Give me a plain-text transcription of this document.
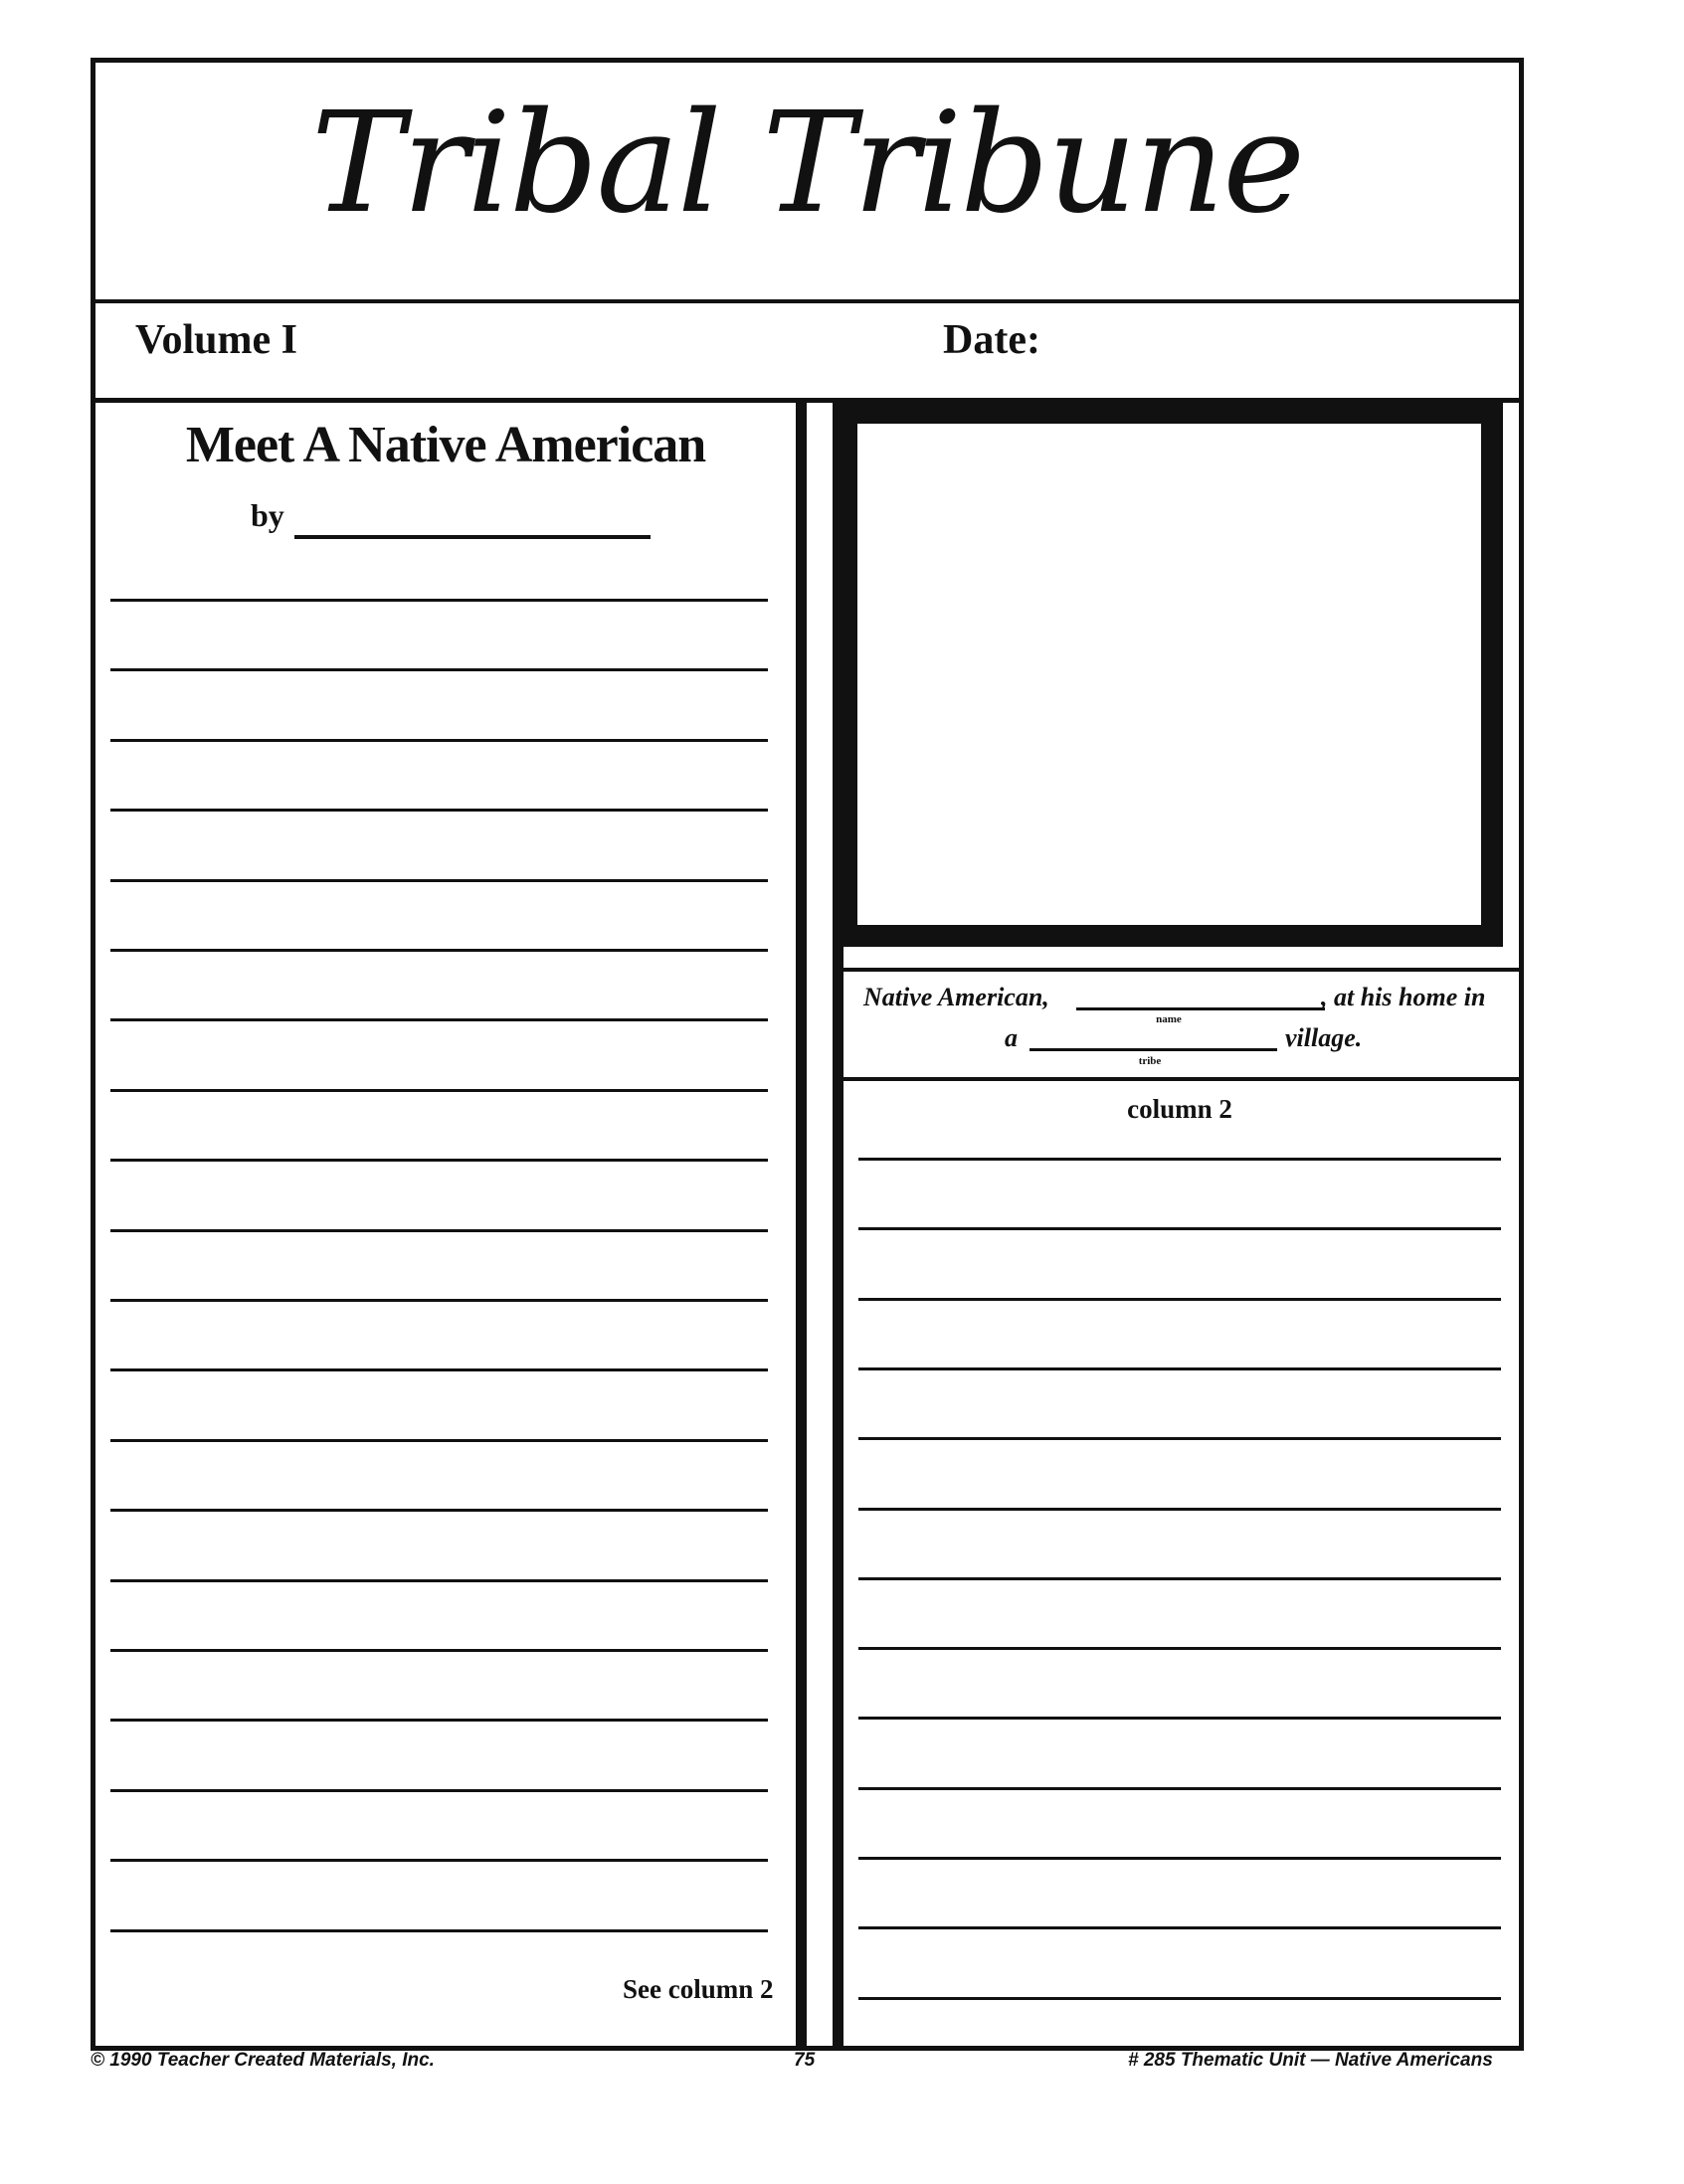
Tribal Tribune
Volume I	Date:
Meet A Native American
by
See column 2
Native American,	, at his home in
name
a	village.
tribe
column 2
© 1990 Teacher Created Materials, Inc.	75	# 285 Thematic Unit — Native Americans
